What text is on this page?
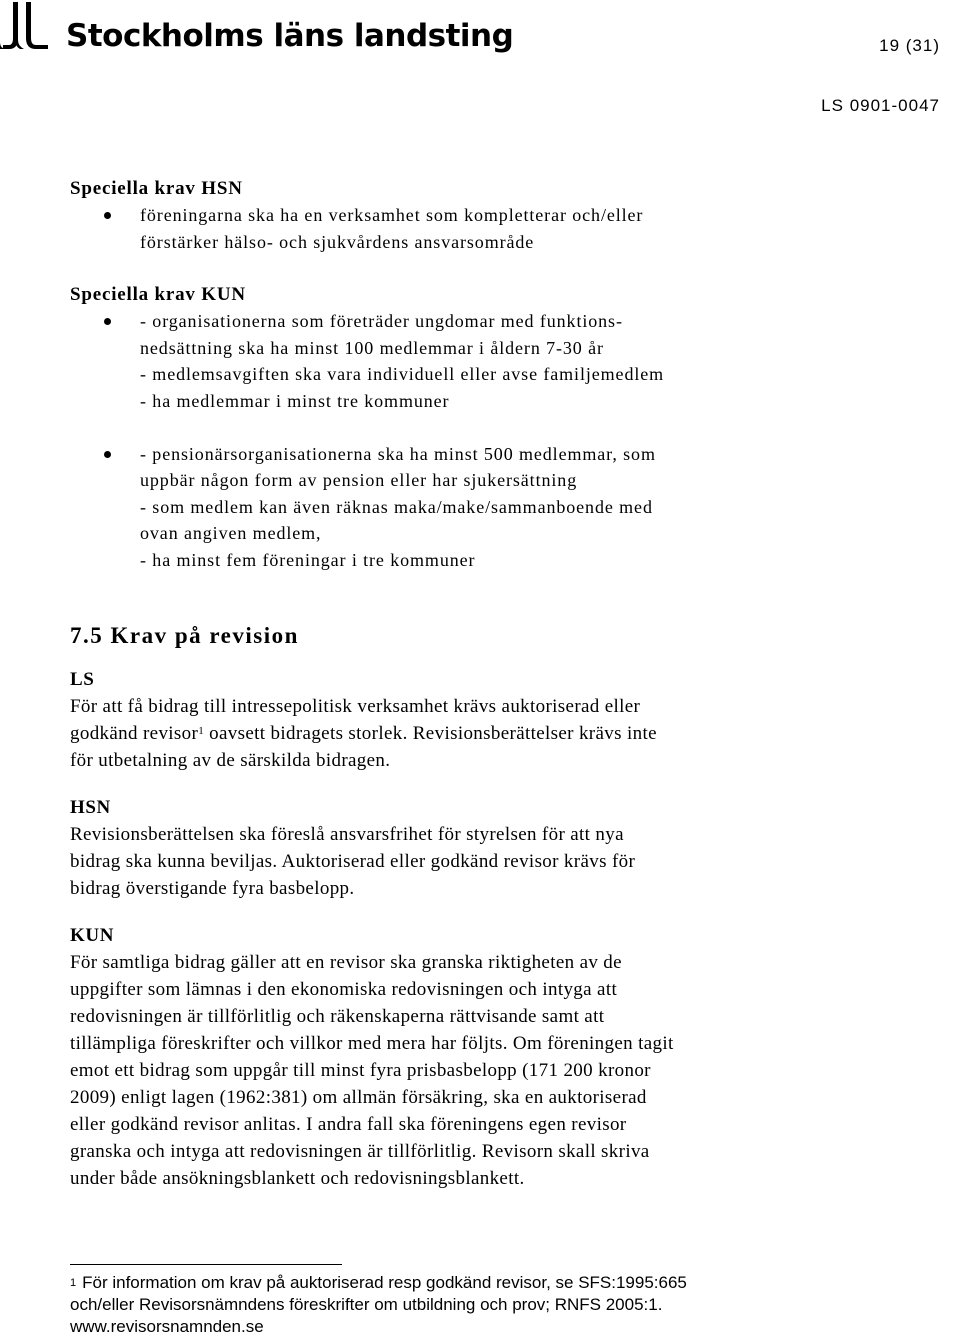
Stockholms läns landsting	19 (31)
LS 0901-0047
Speciella krav HSN
föreningarna ska ha en verksamhet som kompletterar och/eller
förstärker hälso- och sjukvårdens ansvarsområde
Speciella krav KUN
- organisationerna som företräder ungdomar med funktions-
nedsättning ska ha minst 100 medlemmar i åldern 7-30 år
- medlemsavgiften ska vara individuell eller avse familjemedlem
- ha medlemmar i minst tre kommuner
- pensionärsorganisationerna ska ha minst 500 medlemmar, som
uppbär någon form av pension eller har sjukersättning
- som medlem kan även räknas maka/make/sammanboende med
ovan angiven medlem,
- ha minst fem föreningar i tre kommuner
7.5 Krav på revision
LS
För att få bidrag till intressepolitisk verksamhet krävs auktoriserad eller
godkänd revisor$^1$ oavsett bidragets storlek. Revisionsberättelser krävs inte
för utbetalning av de särskilda bidragen.
HSN
Revisionsberättelsen ska föreslå ansvarsfrihet för styrelsen för att nya
bidrag ska kunna beviljas. Auktoriserad eller godkänd revisor krävs för
bidrag överstigande fyra basbelopp.
KUN
För samtliga bidrag gäller att en revisor ska granska riktigheten av de
uppgifter som lämnas i den ekonomiska redovisningen och intyga att
redovisningen är tillförlitlig och räkenskaperna rättvisande samt att
tillämpliga föreskrifter och villkor med mera har följts. Om föreningen tagit
emot ett bidrag som uppgår till minst fyra prisbasbelopp (171 200 kronor
2009) enligt lagen (1962:381) om allmän försäkring, ska en auktoriserad
eller godkänd revisor anlitas. I andra fall ska föreningens egen revisor
granska och intyga att redovisningen är tillförlitlig. Revisorn skall skriva
under både ansökningsblankett och redovisningsblankett.
$^1$ För information om krav på auktoriserad resp godkänd revisor, se SFS:1995:665
och/eller Revisorsnämndens föreskrifter om utbildning och prov; RNFS 2005:1.
www.revisorsnamnden.se
